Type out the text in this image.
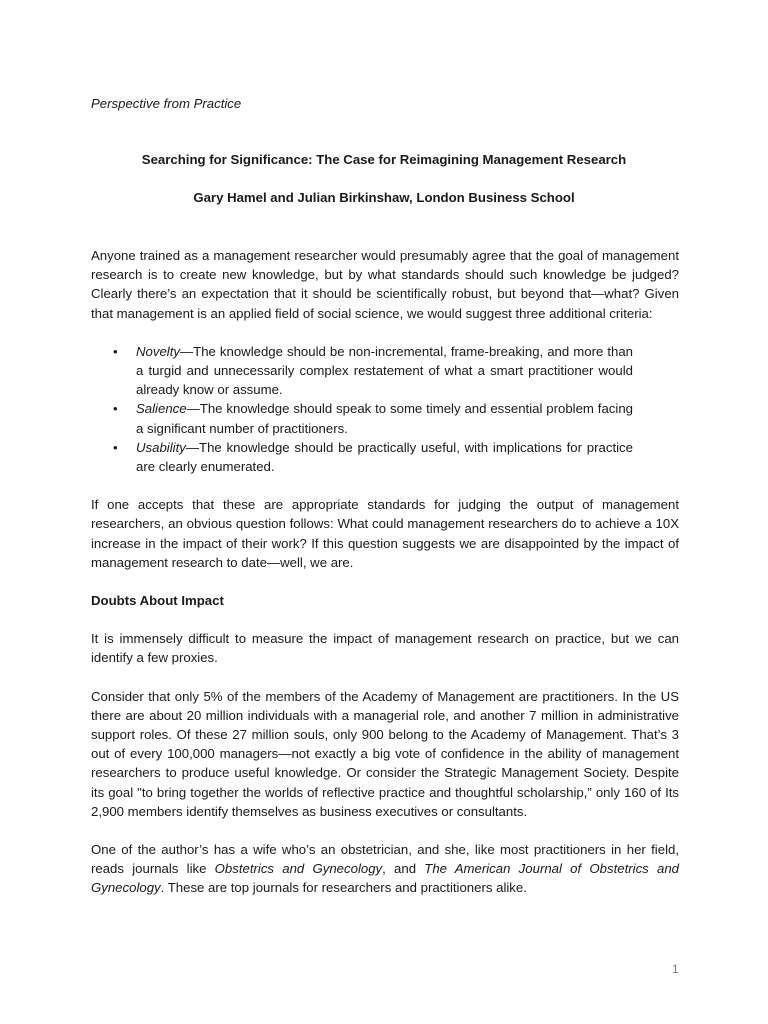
Perspective from Practice
Searching for Significance: The Case for Reimagining Management Research
Gary Hamel and Julian Birkinshaw, London Business School

Anyone trained as a management researcher would presumably agree that the goal of management research is to create new knowledge, but by what standards should such knowledge be judged? Clearly there’s an expectation that it should be scientifically robust, but beyond that—what? Given that management is an applied field of social science, we would suggest three additional criteria:

• Novelty—The knowledge should be non-incremental, frame-breaking, and more than a turgid and unnecessarily complex restatement of what a smart practitioner would already know or assume.
• Salience—The knowledge should speak to some timely and essential problem facing a significant number of practitioners.
• Usability—The knowledge should be practically useful, with implications for practice are clearly enumerated.

If one accepts that these are appropriate standards for judging the output of management researchers, an obvious question follows: What could management researchers do to achieve a 10X increase in the impact of their work? If this question suggests we are disappointed by the impact of management research to date—well, we are.

Doubts About Impact

It is immensely difficult to measure the impact of management research on practice, but we can identify a few proxies.

Consider that only 5% of the members of the Academy of Management are practitioners. In the US there are about 20 million individuals with a managerial role, and another 7 million in administrative support roles. Of these 27 million souls, only 900 belong to the Academy of Management. That’s 3 out of every 100,000 managers—not exactly a big vote of confidence in the ability of management researchers to produce useful knowledge. Or consider the Strategic Management Society. Despite its goal "to bring together the worlds of reflective practice and thoughtful scholarship,” only 160 of Its 2,900 members identify themselves as business executives or consultants.

One of the author’s has a wife who’s an obstetrician, and she, like most practitioners in her field, reads journals like Obstetrics and Gynecology, and The American Journal of Obstetrics and Gynecology. These are top journals for researchers and practitioners alike.

1
